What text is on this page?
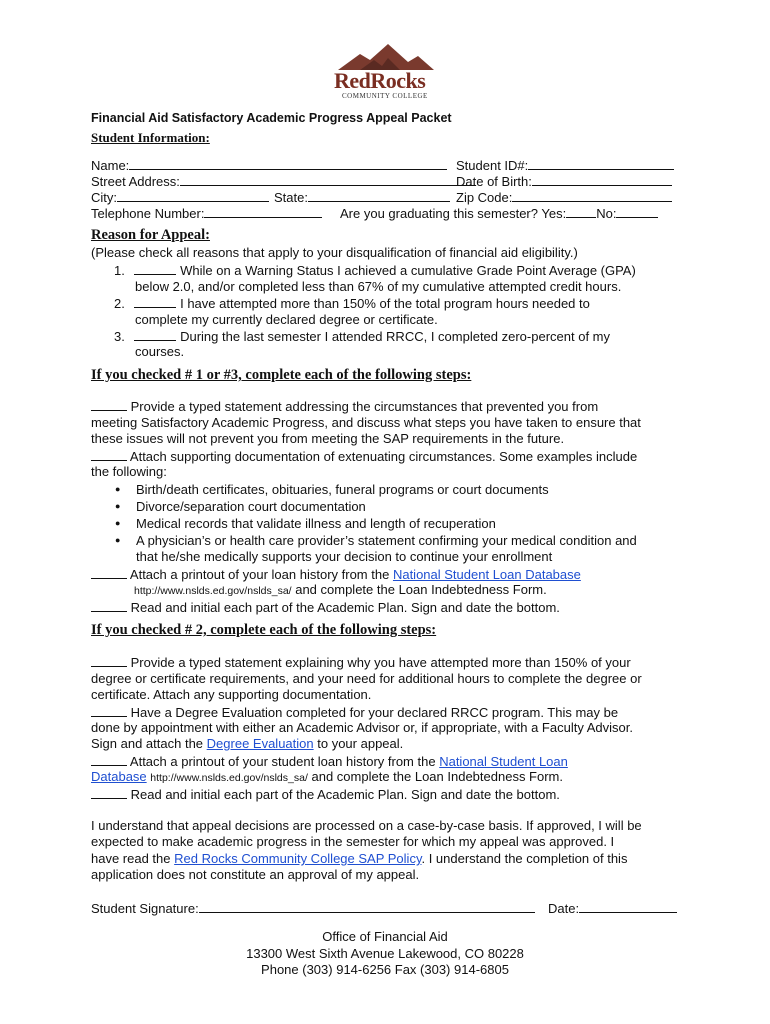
RedRocks
COMMUNITY COLLEGE
Financial Aid Satisfactory Academic Progress Appeal Packet
Student Information:
Name:	Student ID#:
Street Address:	Date of Birth:
City:	State:	Zip Code:
Telephone Number:	Are you graduating this semester? Yes: No:
Reason for Appeal:
(Please check all reasons that apply to your disqualification of financial aid eligibility.)
1.	While on a Warning Status I achieved a cumulative Grade Point Average (GPA)
below 2.0, and/or completed less than 67% of my cumulative attempted credit hours.
2.	I have attempted more than 150% of the total program hours needed to
complete my currently declared degree or certificate.
3.	During the last semester I attended RRCC, I completed zero-percent of my
courses.
If you checked # 1 or #3, complete each of the following steps:
Provide a typed statement addressing the circumstances that prevented you from
meeting Satisfactory Academic Progress, and discuss what steps you have taken to ensure that
these issues will not prevent you from meeting the SAP requirements in the future.
Attach supporting documentation of extenuating circumstances. Some examples include
the following:
● Birth/death certificates, obituaries, funeral programs or court documents
● Divorce/separation court documentation
● Medical records that validate illness and length of recuperation
● A physician’s or health care provider’s statement confirming your medical condition and
that he/she medically supports your decision to continue your enrollment
Attach a printout of your loan history from the National Student Loan Database
http://www.nslds.ed.gov/nslds_sa/ and complete the Loan Indebtedness Form.
Read and initial each part of the Academic Plan. Sign and date the bottom.
If you checked # 2, complete each of the following steps:
Provide a typed statement explaining why you have attempted more than 150% of your
degree or certificate requirements, and your need for additional hours to complete the degree or
certificate. Attach any supporting documentation.
Have a Degree Evaluation completed for your declared RRCC program. This may be
done by appointment with either an Academic Advisor or, if appropriate, with a Faculty Advisor.
Sign and attach the Degree Evaluation to your appeal.
Attach a printout of your student loan history from the National Student Loan
Database http://www.nslds.ed.gov/nslds_sa/ and complete the Loan Indebtedness Form.
Read and initial each part of the Academic Plan. Sign and date the bottom.
I understand that appeal decisions are processed on a case-by-case basis. If approved, I will be
expected to make academic progress in the semester for which my appeal was approved. I
have read the Red Rocks Community College SAP Policy. I understand the completion of this
application does not constitute an approval of my appeal.
Student Signature:	Date:
Office of Financial Aid
13300 West Sixth Avenue Lakewood, CO 80228
Phone (303) 914-6256 Fax (303) 914-6805
